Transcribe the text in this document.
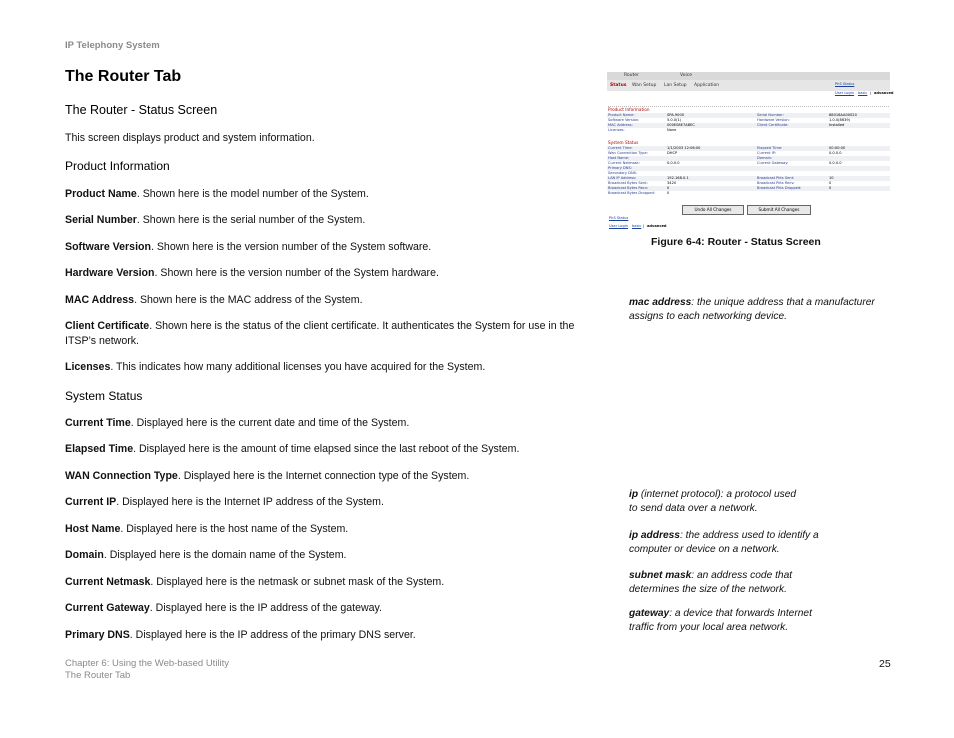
IP Telephony System
The Router Tab
The Router - Status Screen
This screen displays product and system information.
Product Information
Product Name. Shown here is the model number of the System.
Serial Number. Shown here is the serial number of the System.
Software Version. Shown here is the version number of the System software.
Hardware Version. Shown here is the version number of the System hardware.
MAC Address. Shown here is the MAC address of the System.
Client Certificate. Shown here is the status of the client certificate. It authenticates the System for use in the ITSP’s network.
Licenses. This indicates how many additional licenses you have acquired for the System.
System Status
Current Time. Displayed here is the current date and time of the System.
Elapsed Time. Displayed here is the amount of time elapsed since the last reboot of the System.
WAN Connection Type. Displayed here is the Internet connection type of the System.
Current IP. Displayed here is the Internet IP address of the System.
Host Name. Displayed here is the host name of the System.
Domain. Displayed here is the domain name of the System.
Current Netmask. Displayed here is the netmask or subnet mask of the System.
Current Gateway. Displayed here is the IP address of the gateway.
Primary DNS. Displayed here is the IP address of the primary DNS server.
Router	Voice
Status Wan Setup Lan Setup Application	PhS Status
User Login basic | advanced
Product Information
Product Name:	SPA-9000	Serial Number:	88016AA00020
Software Version:	5.0.0(1)	Hardware Version:	1.0.0(8639)
MAC Address:	000E08E7A8EC	Client Certificate:	Installed
Licenses:	None
System Status
Current Time:	1/1/2003 12:06:00	Elapsed Time:	00:00:00
Wan Connection Type:	DHCP	Current IP:	0.0.0.0
Host Name:	Domain:
Current Netmask:	0.0.0.0	Current Gateway:	0.0.0.0
Primary DNS:
Secondary DNS:
LAN IP Address:	192.168.0.1	Broadcast Pkts Sent:	10
Broadcast Bytes Sent:	3420	Broadcast Pkts Recv:	0
Broadcast Bytes Recv:	0	Broadcast Pkts Dropped:	0
Broadcast Bytes Dropped:	0
Undo All Changes	Submit All Changes
PhS Status
User Login basic | advanced
Figure 6-4: Router - Status Screen
mac address: the unique address that a manufacturer assigns to each networking device.
ip (internet protocol): a protocol used to send data over a network.
ip address: the address used to identify a computer or device on a network.
subnet mask: an address code that determines the size of the network.
gateway: a device that forwards Internet traffic from your local area network.
Chapter 6: Using the Web-based Utility
The Router Tab
25
